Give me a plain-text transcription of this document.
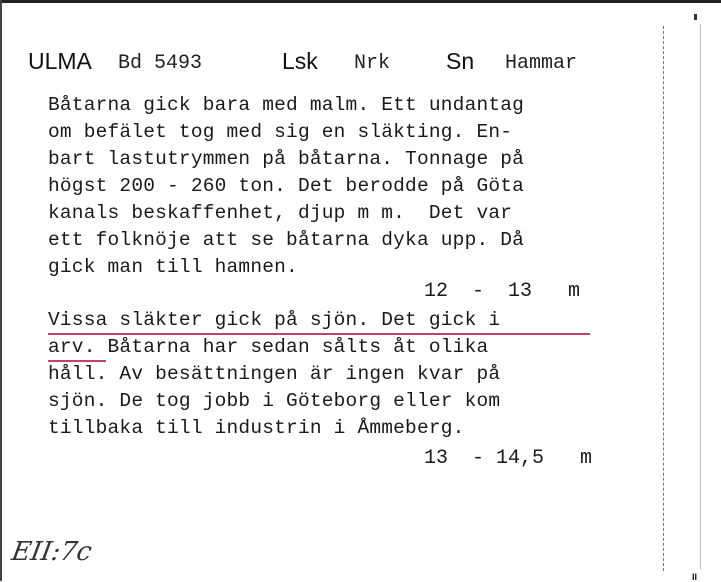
ULMA Bd 5493	Lsk Nrk Sn Hammar
Båtarna gick bara med malm. Ett undantag
om befälet tog med sig en släkting. En-
bart lastutrymmen på båtarna. Tonnage på
högst 200 - 260 ton. Det berodde på Göta
kanals beskaffenhet, djup m m.  Det var
ett folknöje att se båtarna dyka upp. Då
gick man till hamnen.
12  -  13   m
Vissa släkter gick på sjön. Det gick i
arv. Båtarna har sedan sålts åt olika
håll. Av besättningen är ingen kvar på
sjön. De tog jobb i Göteborg eller kom
tillbaka till industrin i Åmmeberg.
13  - 14,5   m
EII:7c
II
